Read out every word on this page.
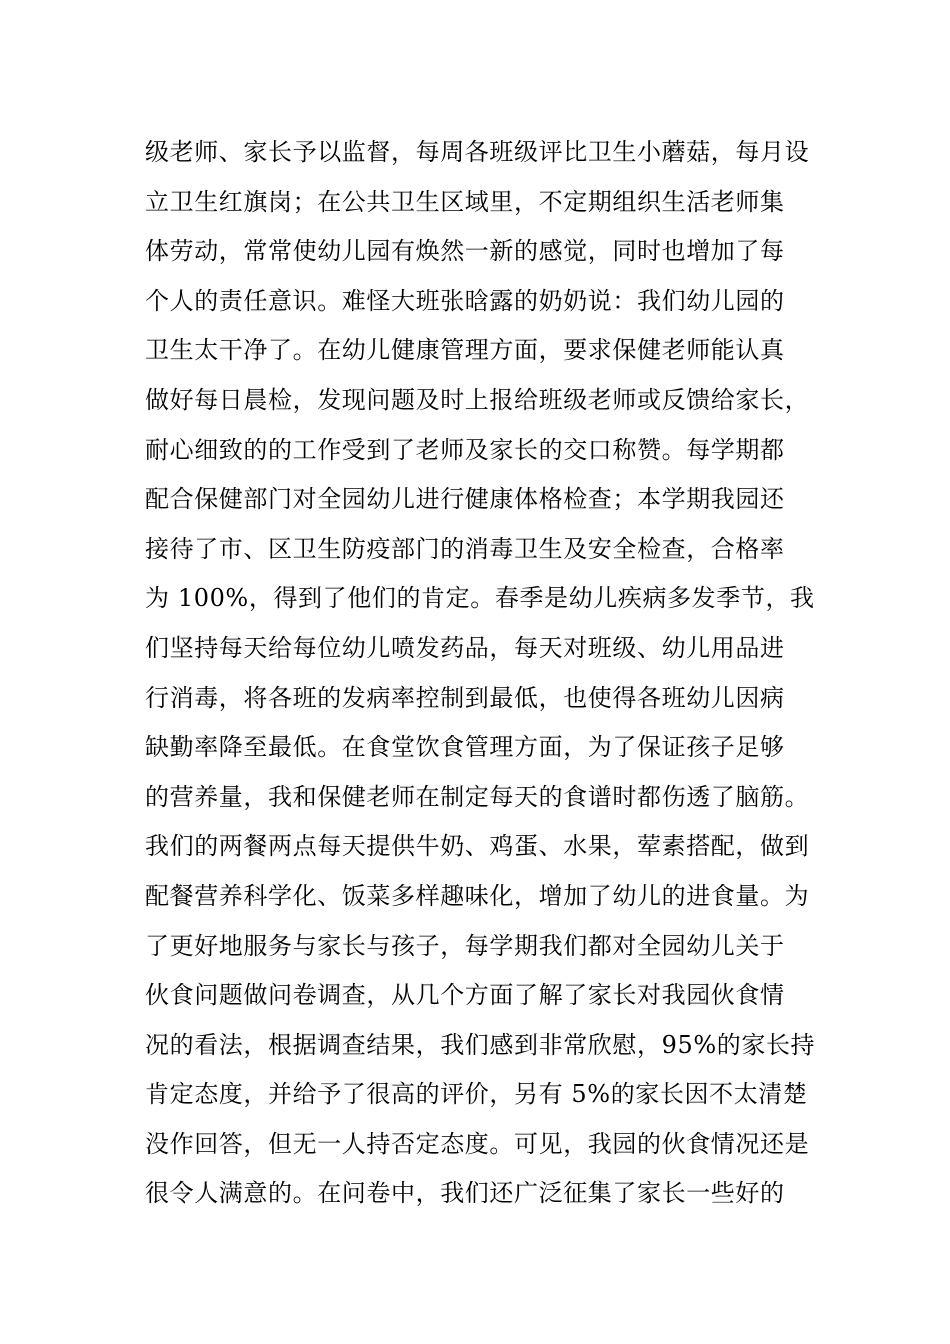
级老师、家长予以监督，每周各班级评比卫生小蘑菇，每月设
立卫生红旗岗；在公共卫生区域里，不定期组织生活老师集
体劳动，常常使幼儿园有焕然一新的感觉，同时也增加了每
个人的责任意识。难怪大班张晗露的奶奶说：我们幼儿园的
卫生太干净了。在幼儿健康管理方面，要求保健老师能认真
做好每日晨检，发现问题及时上报给班级老师或反馈给家长，
耐心细致的的工作受到了老师及家长的交口称赞。每学期都
配合保健部门对全园幼儿进行健康体格检查；本学期我园还
接待了市、区卫生防疫部门的消毒卫生及安全检查，合格率
为 100%，得到了他们的肯定。春季是幼儿疾病多发季节，我
们坚持每天给每位幼儿喷发药品，每天对班级、幼儿用品进
行消毒，将各班的发病率控制到最低，也使得各班幼儿因病
缺勤率降至最低。在食堂饮食管理方面，为了保证孩子足够
的营养量，我和保健老师在制定每天的食谱时都伤透了脑筋。
我们的两餐两点每天提供牛奶、鸡蛋、水果，荤素搭配，做到
配餐营养科学化、饭菜多样趣味化，增加了幼儿的进食量。为
了更好地服务与家长与孩子，每学期我们都对全园幼儿关于
伙食问题做问卷调查，从几个方面了解了家长对我园伙食情
况的看法，根据调查结果，我们感到非常欣慰，95%的家长持
肯定态度，并给予了很高的评价，另有 5%的家长因不太清楚
没作回答，但无一人持否定态度。可见，我园的伙食情况还是
很令人满意的。在问卷中，我们还广泛征集了家长一些好的
